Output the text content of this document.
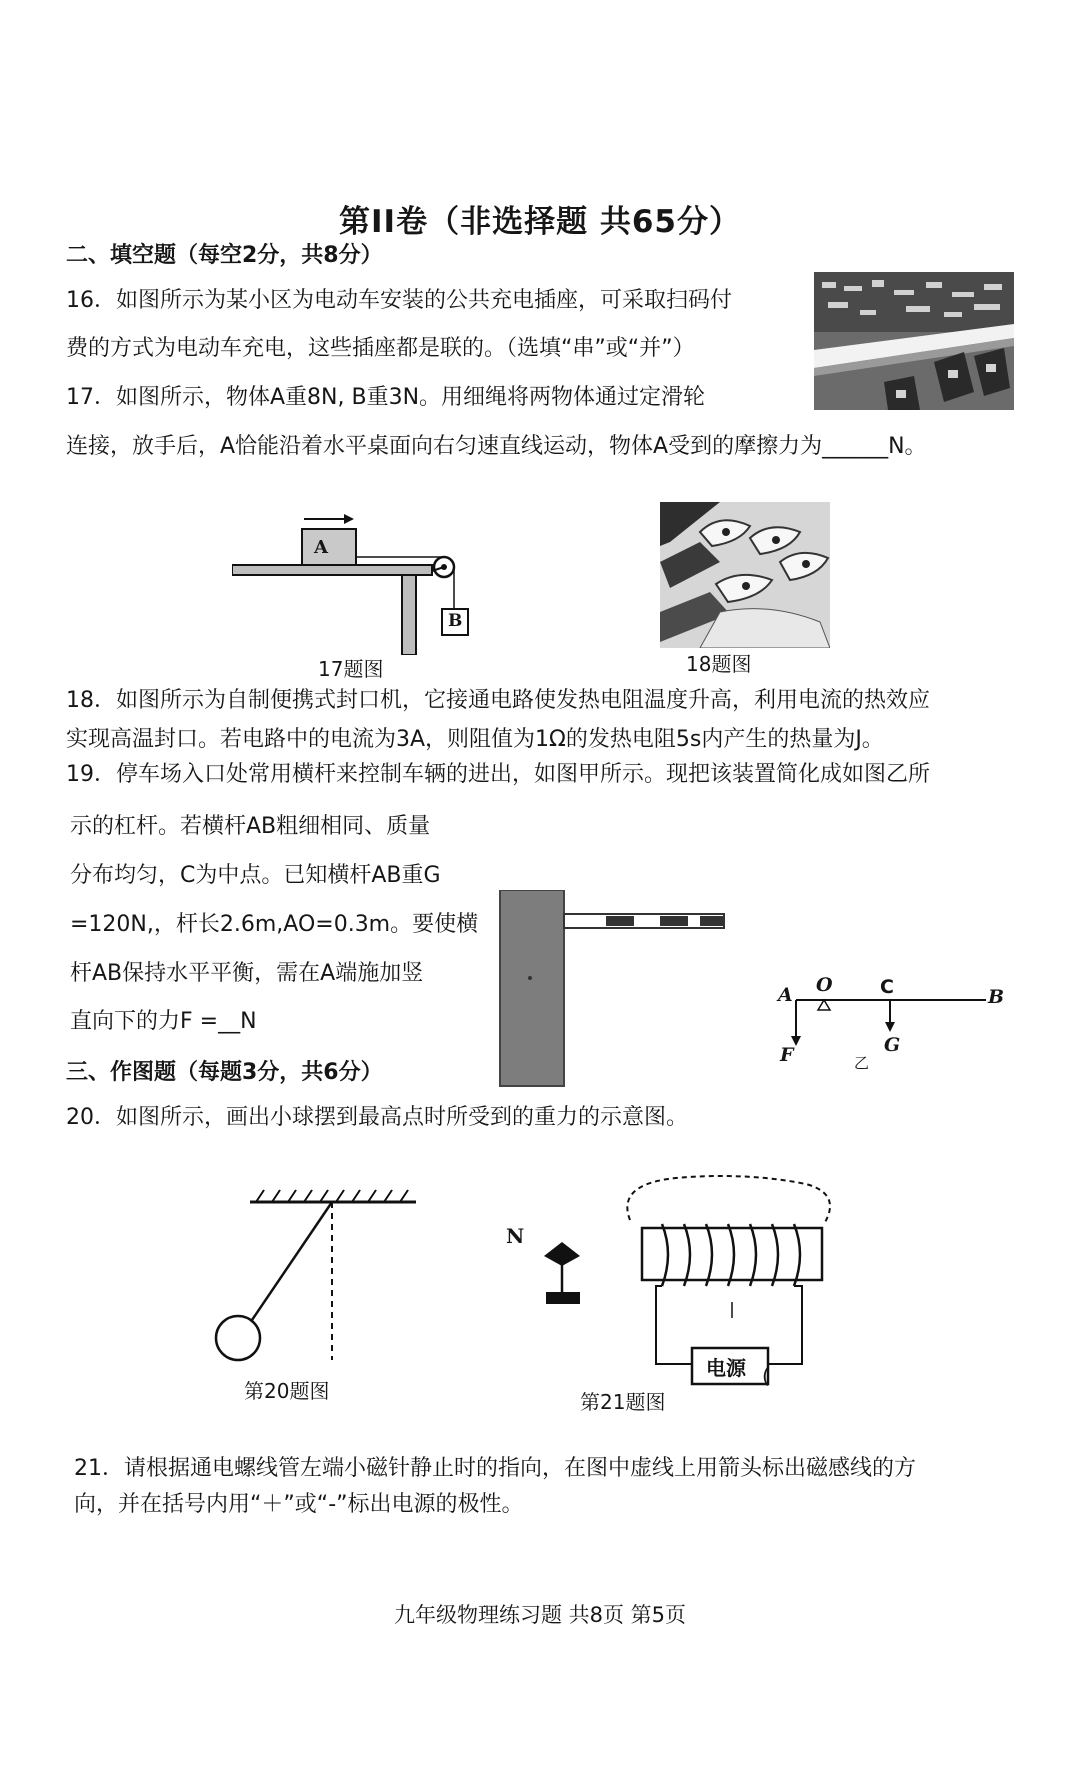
第II卷（非选择题 共65分）
二、填空题（每空2分，共8分）
16．如图所示为某小区为电动车安装的公共充电插座，可采取扫码付
费的方式为电动车充电，这些插座都是联的。（选填“串”或“并”）
17．如图所示，物体A重8N, B重3N。用细绳将两物体通过定滑轮
连接，放手后，A恰能沿着水平桌面向右匀速直线运动，物体A受到的摩擦力为______N。
A
B
17题图	18题图
18．如图所示为自制便携式封口机，它接通电路使发热电阻温度升高，利用电流的热效应
实现高温封口。若电路中的电流为3A，则阻值为1Ω的发热电阻5s内产生的热量为J。
19．停车场入口处常用横杆来控制车辆的进出，如图甲所示。现把该装置简化成如图乙所
示的杠杆。若横杆AB粗细相同、质量
分布均匀，C为中点。已知横杆AB重G
=120N,，杆长2.6m,AO=0.3m。要使横
杆AB保持水平平衡，需在A端施加竖
直向下的力F =__N
A O C	B
F	G
乙
三、作图题（每题3分，共6分）
20．如图所示，画出小球摆到最高点时所受到的重力的示意图。
第20题图
N
电源 (
第21题图
21．请根据通电螺线管左端小磁针静止时的指向，在图中虚线上用箭头标出磁感线的方
向，并在括号内用“＋”或“-”标出电源的极性。
九年级物理练习题 共8页 第5页
